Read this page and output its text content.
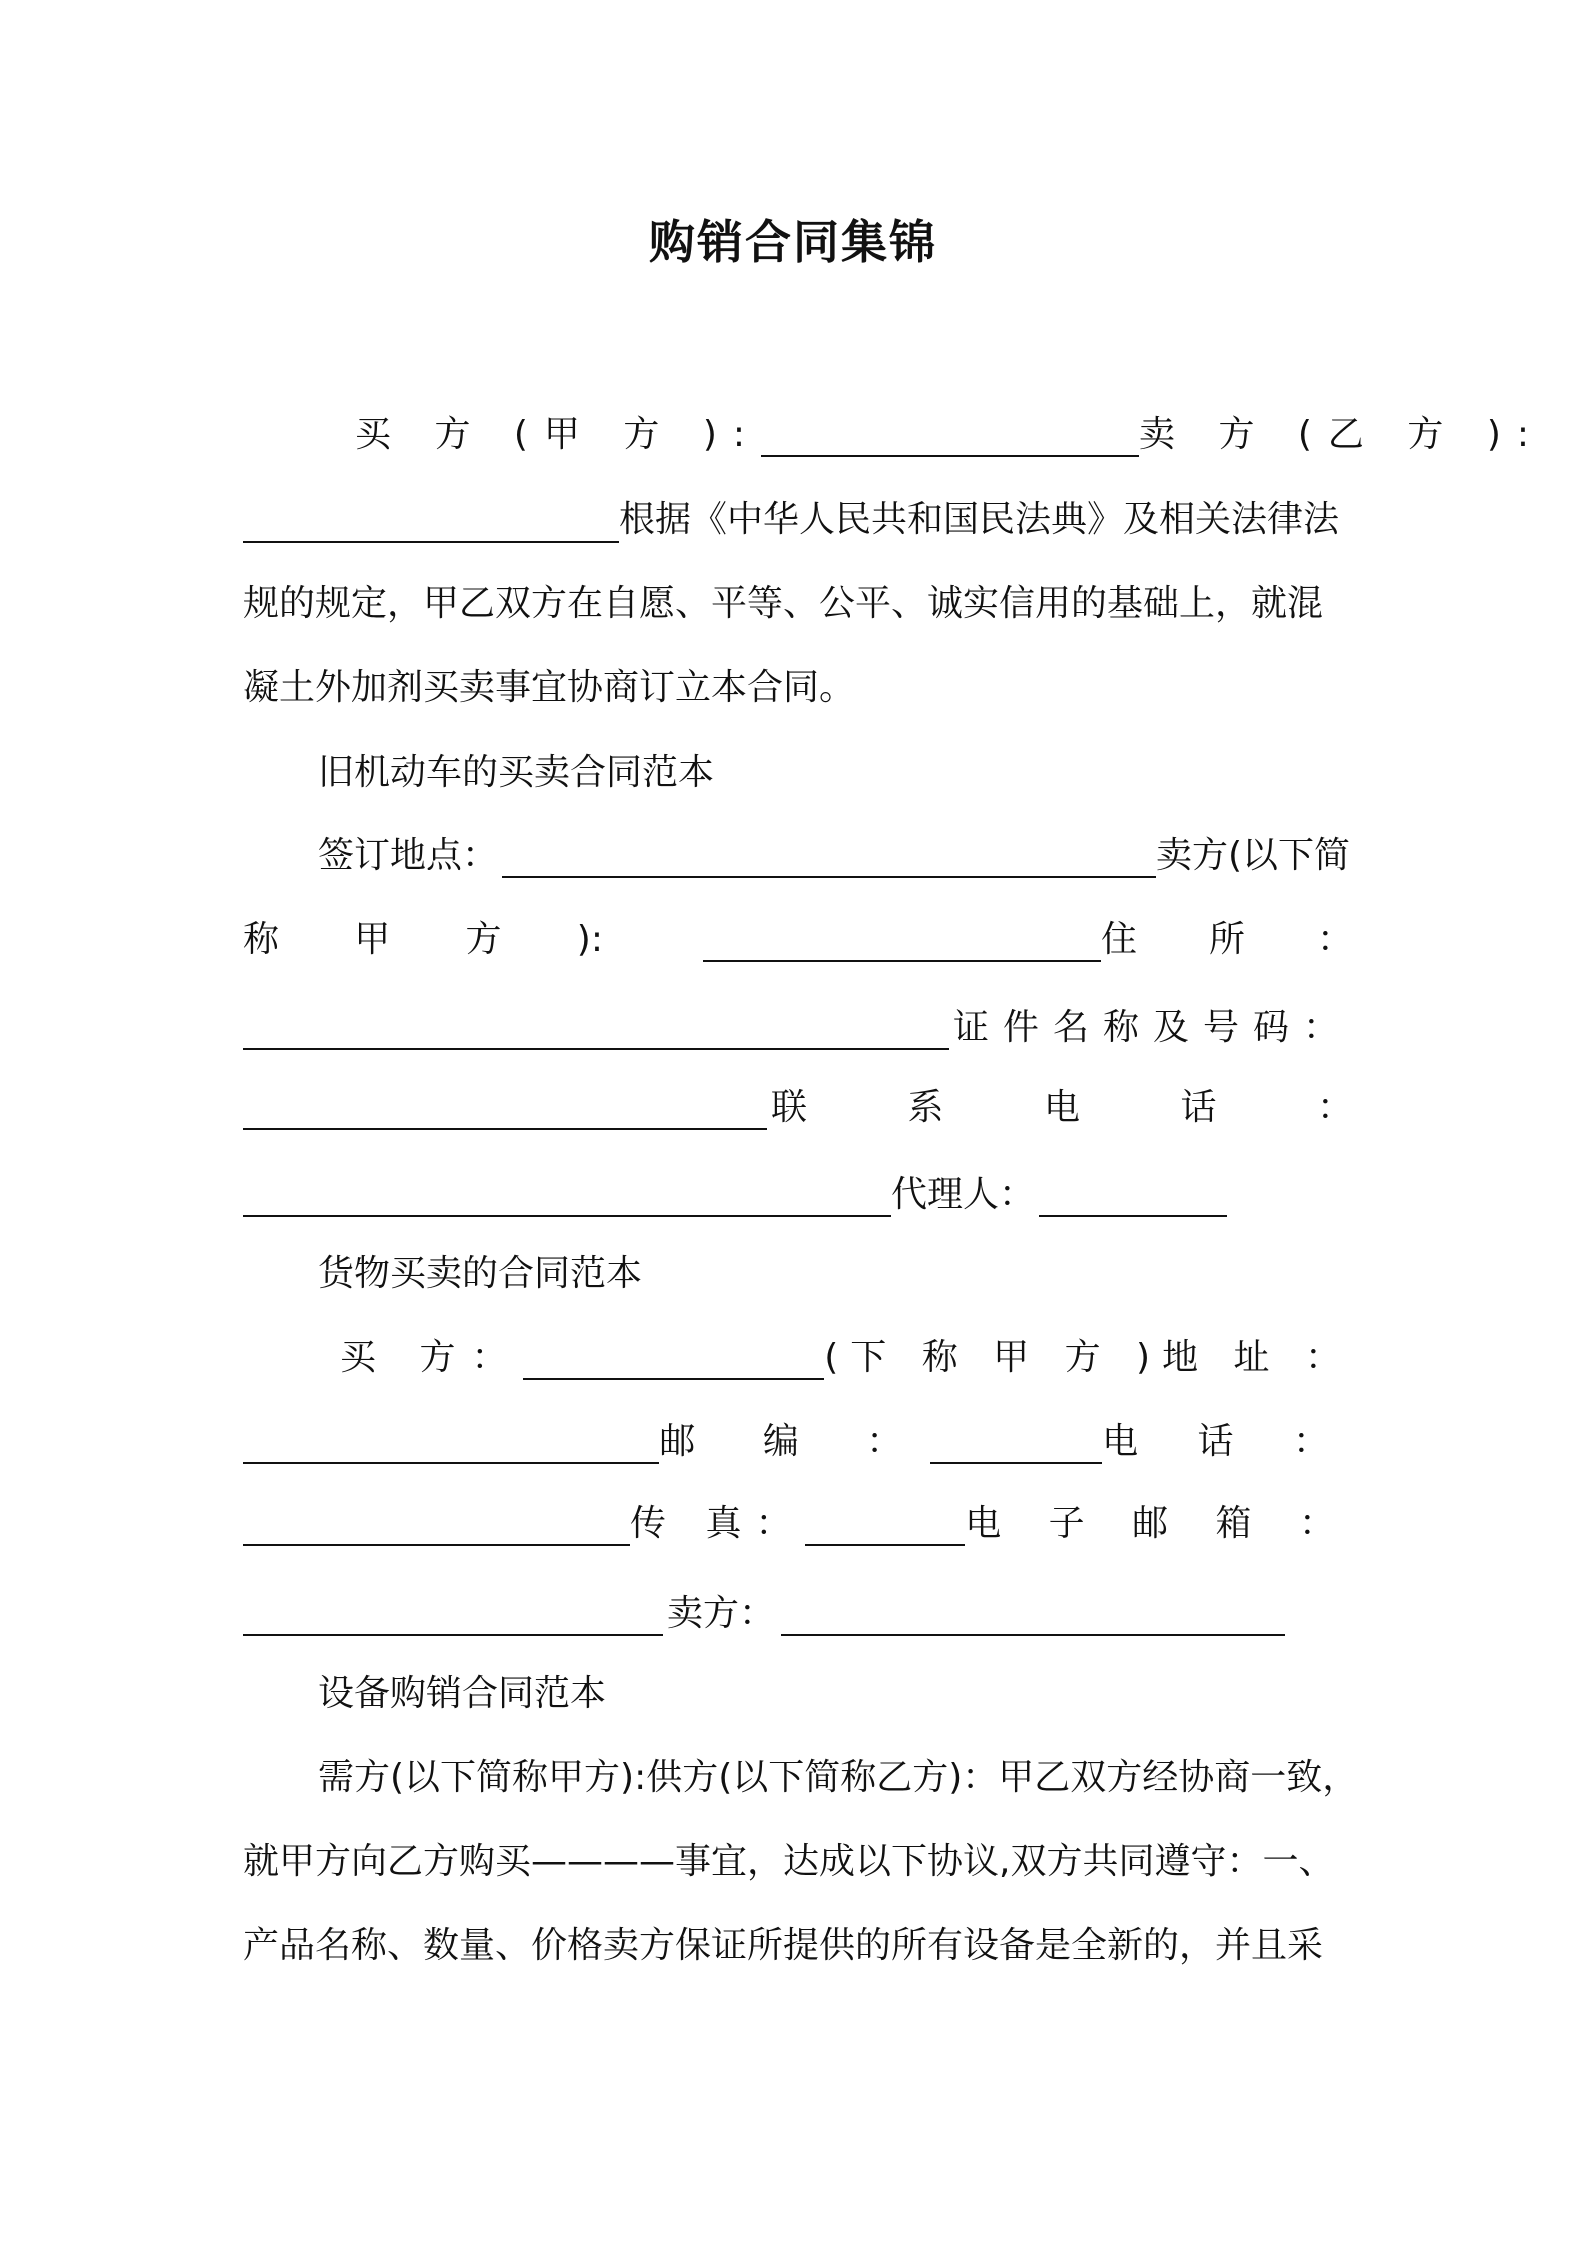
购销合同集锦
买 方 (甲 方 ):	卖 方 (乙 方 ):
根据《中华人民共和国民法典》及相关法律法
规的规定，甲乙双方在自愿、平等、公平、诚实信用的基础上，就混
凝土外加剂买卖事宜协商订立本合同。
旧机动车的买卖合同范本
签订地点：	卖方(以下简
称 甲 方 ):	住 所 ：
证件名称及号码：
联	系	电	话	：
代理人：
货物买卖的合同范本
买 方：	(下 称 甲 方 )地 址 ：
邮 编 ：	电 话 ：
传 真：	电 子 邮 箱 ：
卖方：
设备购销合同范本
需方(以下简称甲方):供方(以下简称乙方)：甲乙双方经协商一致，
就甲方向乙方购买————事宜，达成以下协议,双方共同遵守：一、
产品名称、数量、价格卖方保证所提供的所有设备是全新的，并且采
